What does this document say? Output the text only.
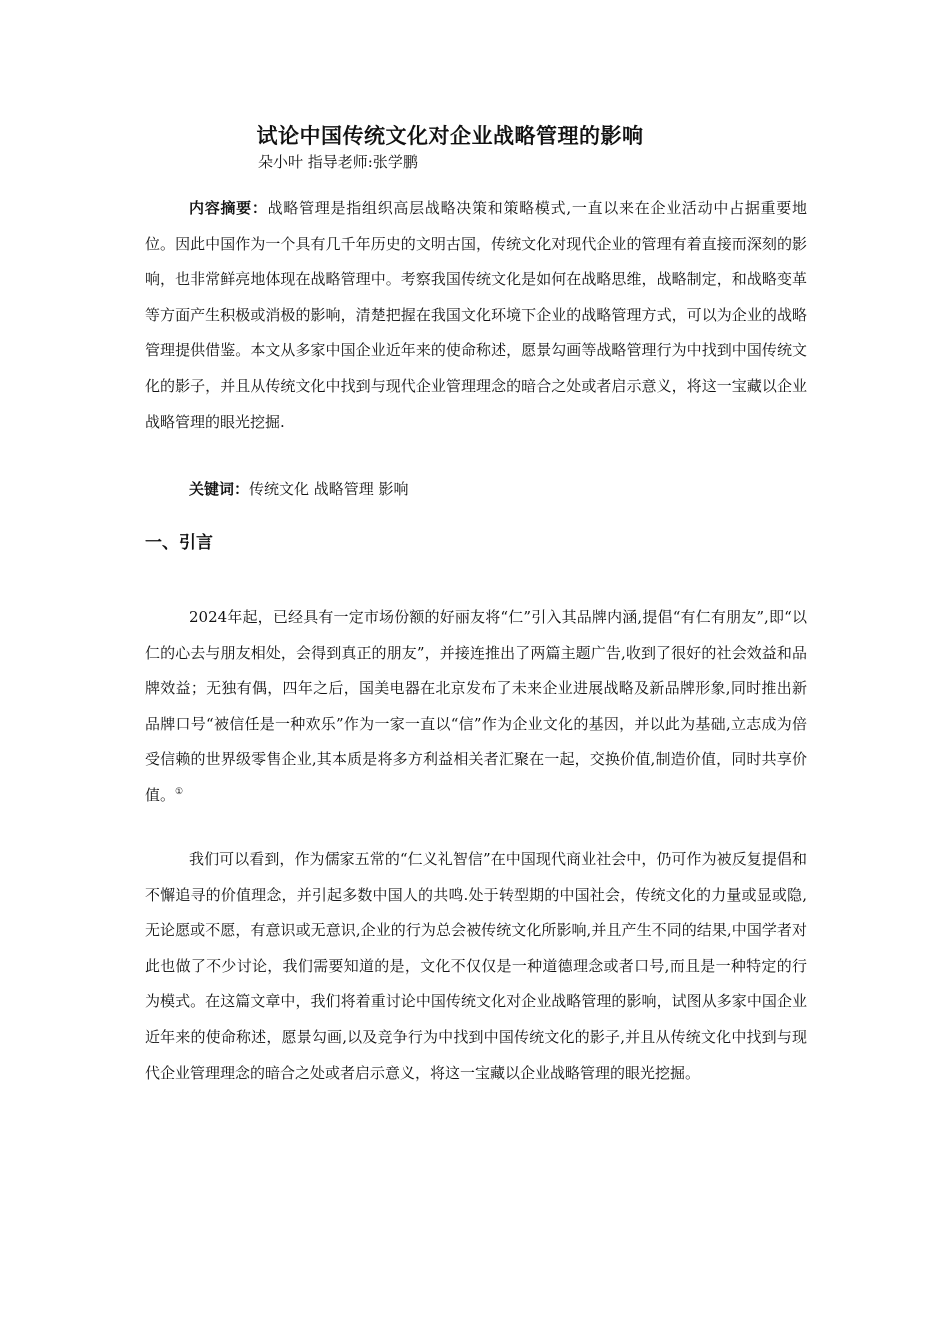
试论中国传统文化对企业战略管理的影响

朵小叶 指导老师:张学鹏

内容摘要：战略管理是指组织高层战略决策和策略模式,一直以来在企业活动中占据重要地位。因此中国作为一个具有几千年历史的文明古国，传统文化对现代企业的管理有着直接而深刻的影响，也非常鲜亮地体现在战略管理中。考察我国传统文化是如何在战略思维，战略制定，和战略变革等方面产生积极或消极的影响，清楚把握在我国文化环境下企业的战略管理方式，可以为企业的战略管理提供借鉴。本文从多家中国企业近年来的使命称述，愿景勾画等战略管理行为中找到中国传统文化的影子，并且从传统文化中找到与现代企业管理理念的暗合之处或者启示意义，将这一宝藏以企业战略管理的眼光挖掘.

关键词：传统文化 战略管理 影响

一、引言

2024年起，已经具有一定市场份额的好丽友将“仁”引入其品牌内涵,提倡“有仁有朋友”,即“以仁的心去与朋友相处，会得到真正的朋友”，并接连推出了两篇主题广告,收到了很好的社会效益和品牌效益；无独有偶，四年之后，国美电器在北京发布了未来企业进展战略及新品牌形象,同时推出新品牌口号“被信任是一种欢乐”作为一家一直以“信”作为企业文化的基因，并以此为基础,立志成为倍受信赖的世界级零售企业,其本质是将多方利益相关者汇聚在一起，交换价值,制造价值，同时共享价值。①

我们可以看到，作为儒家五常的“仁义礼智信”在中国现代商业社会中，仍可作为被反复提倡和不懈追寻的价值理念，并引起多数中国人的共鸣.处于转型期的中国社会，传统文化的力量或显或隐,无论愿或不愿，有意识或无意识,企业的行为总会被传统文化所影响,并且产生不同的结果,中国学者对此也做了不少讨论，我们需要知道的是，文化不仅仅是一种道德理念或者口号,而且是一种特定的行为模式。在这篇文章中，我们将着重讨论中国传统文化对企业战略管理的影响，试图从多家中国企业近年来的使命称述，愿景勾画,以及竞争行为中找到中国传统文化的影子,并且从传统文化中找到与现代企业管理理念的暗合之处或者启示意义，将这一宝藏以企业战略管理的眼光挖掘。
